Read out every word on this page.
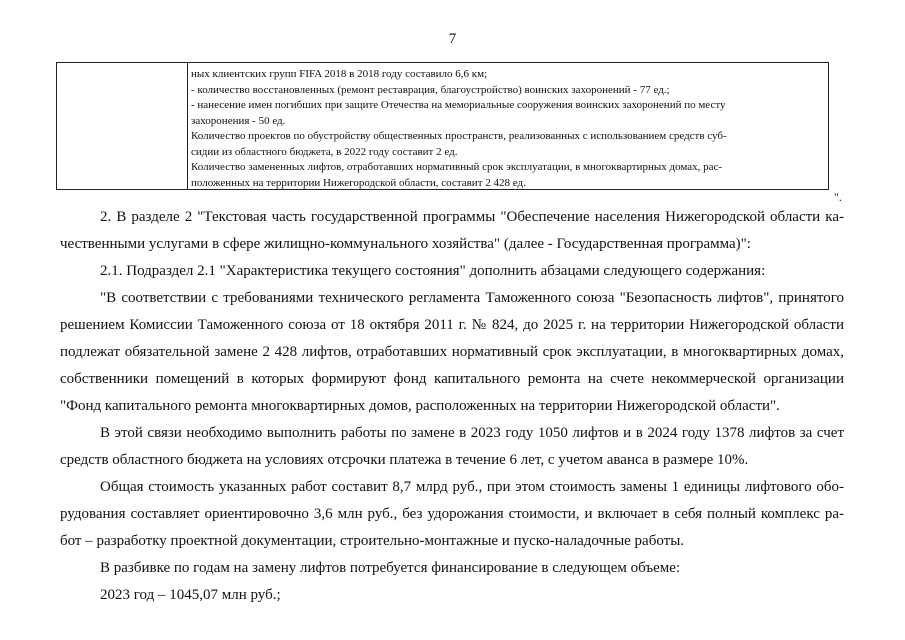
7
ных клиентских групп FIFA 2018 в 2018 году составило 6,6 км;
- количество восстановленных (ремонт реставрация, благоустройство) воинских захоронений - 77 ед.;
- нанесение имен погибших при защите Отечества на мемориальные сооружения воинских захоронений по месту
захоронения - 50 ед.
Количество проектов по обустройству общественных пространств, реализованных с использованием средств суб-
сидии из областного бюджета, в 2022 году составит 2 ед.
Количество замененных лифтов, отработавших нормативный срок эксплуатации, в многоквартирных домах, рас-
положенных на территории Нижегородской области, составит 2 428 ед.
".
2. В разделе 2 "Текстовая часть государственной программы "Обеспечение населения Нижегородской области ка-
чественными услугами в сфере жилищно-коммунального хозяйства" (далее - Государственная программа)":
2.1. Подраздел 2.1 "Характеристика текущего состояния" дополнить абзацами следующего содержания:
"В соответствии с требованиями технического регламента Таможенного союза "Безопасность лифтов", принятого
решением Комиссии Таможенного союза от 18 октября 2011 г. № 824, до 2025 г. на территории Нижегородской области
подлежат обязательной замене 2 428 лифтов, отработавших нормативный срок эксплуатации, в многоквартирных домах,
собственники помещений в которых формируют фонд капитального ремонта на счете некоммерческой организации
"Фонд капитального ремонта многоквартирных домов, расположенных на территории Нижегородской области".
В этой связи необходимо выполнить работы по замене в 2023 году 1050 лифтов и в 2024 году 1378 лифтов за счет
средств областного бюджета на условиях отсрочки платежа в течение 6 лет, с учетом аванса в размере 10%.
Общая стоимость указанных работ составит 8,7 млрд руб., при этом стоимость замены 1 единицы лифтового обо-
рудования составляет ориентировочно 3,6 млн руб., без удорожания стоимости, и включает в себя полный комплекс ра-
бот – разработку проектной документации, строительно-монтажные и пуско-наладочные работы.
В разбивке по годам на замену лифтов потребуется финансирование в следующем объеме:
2023 год – 1045,07 млн руб.;
